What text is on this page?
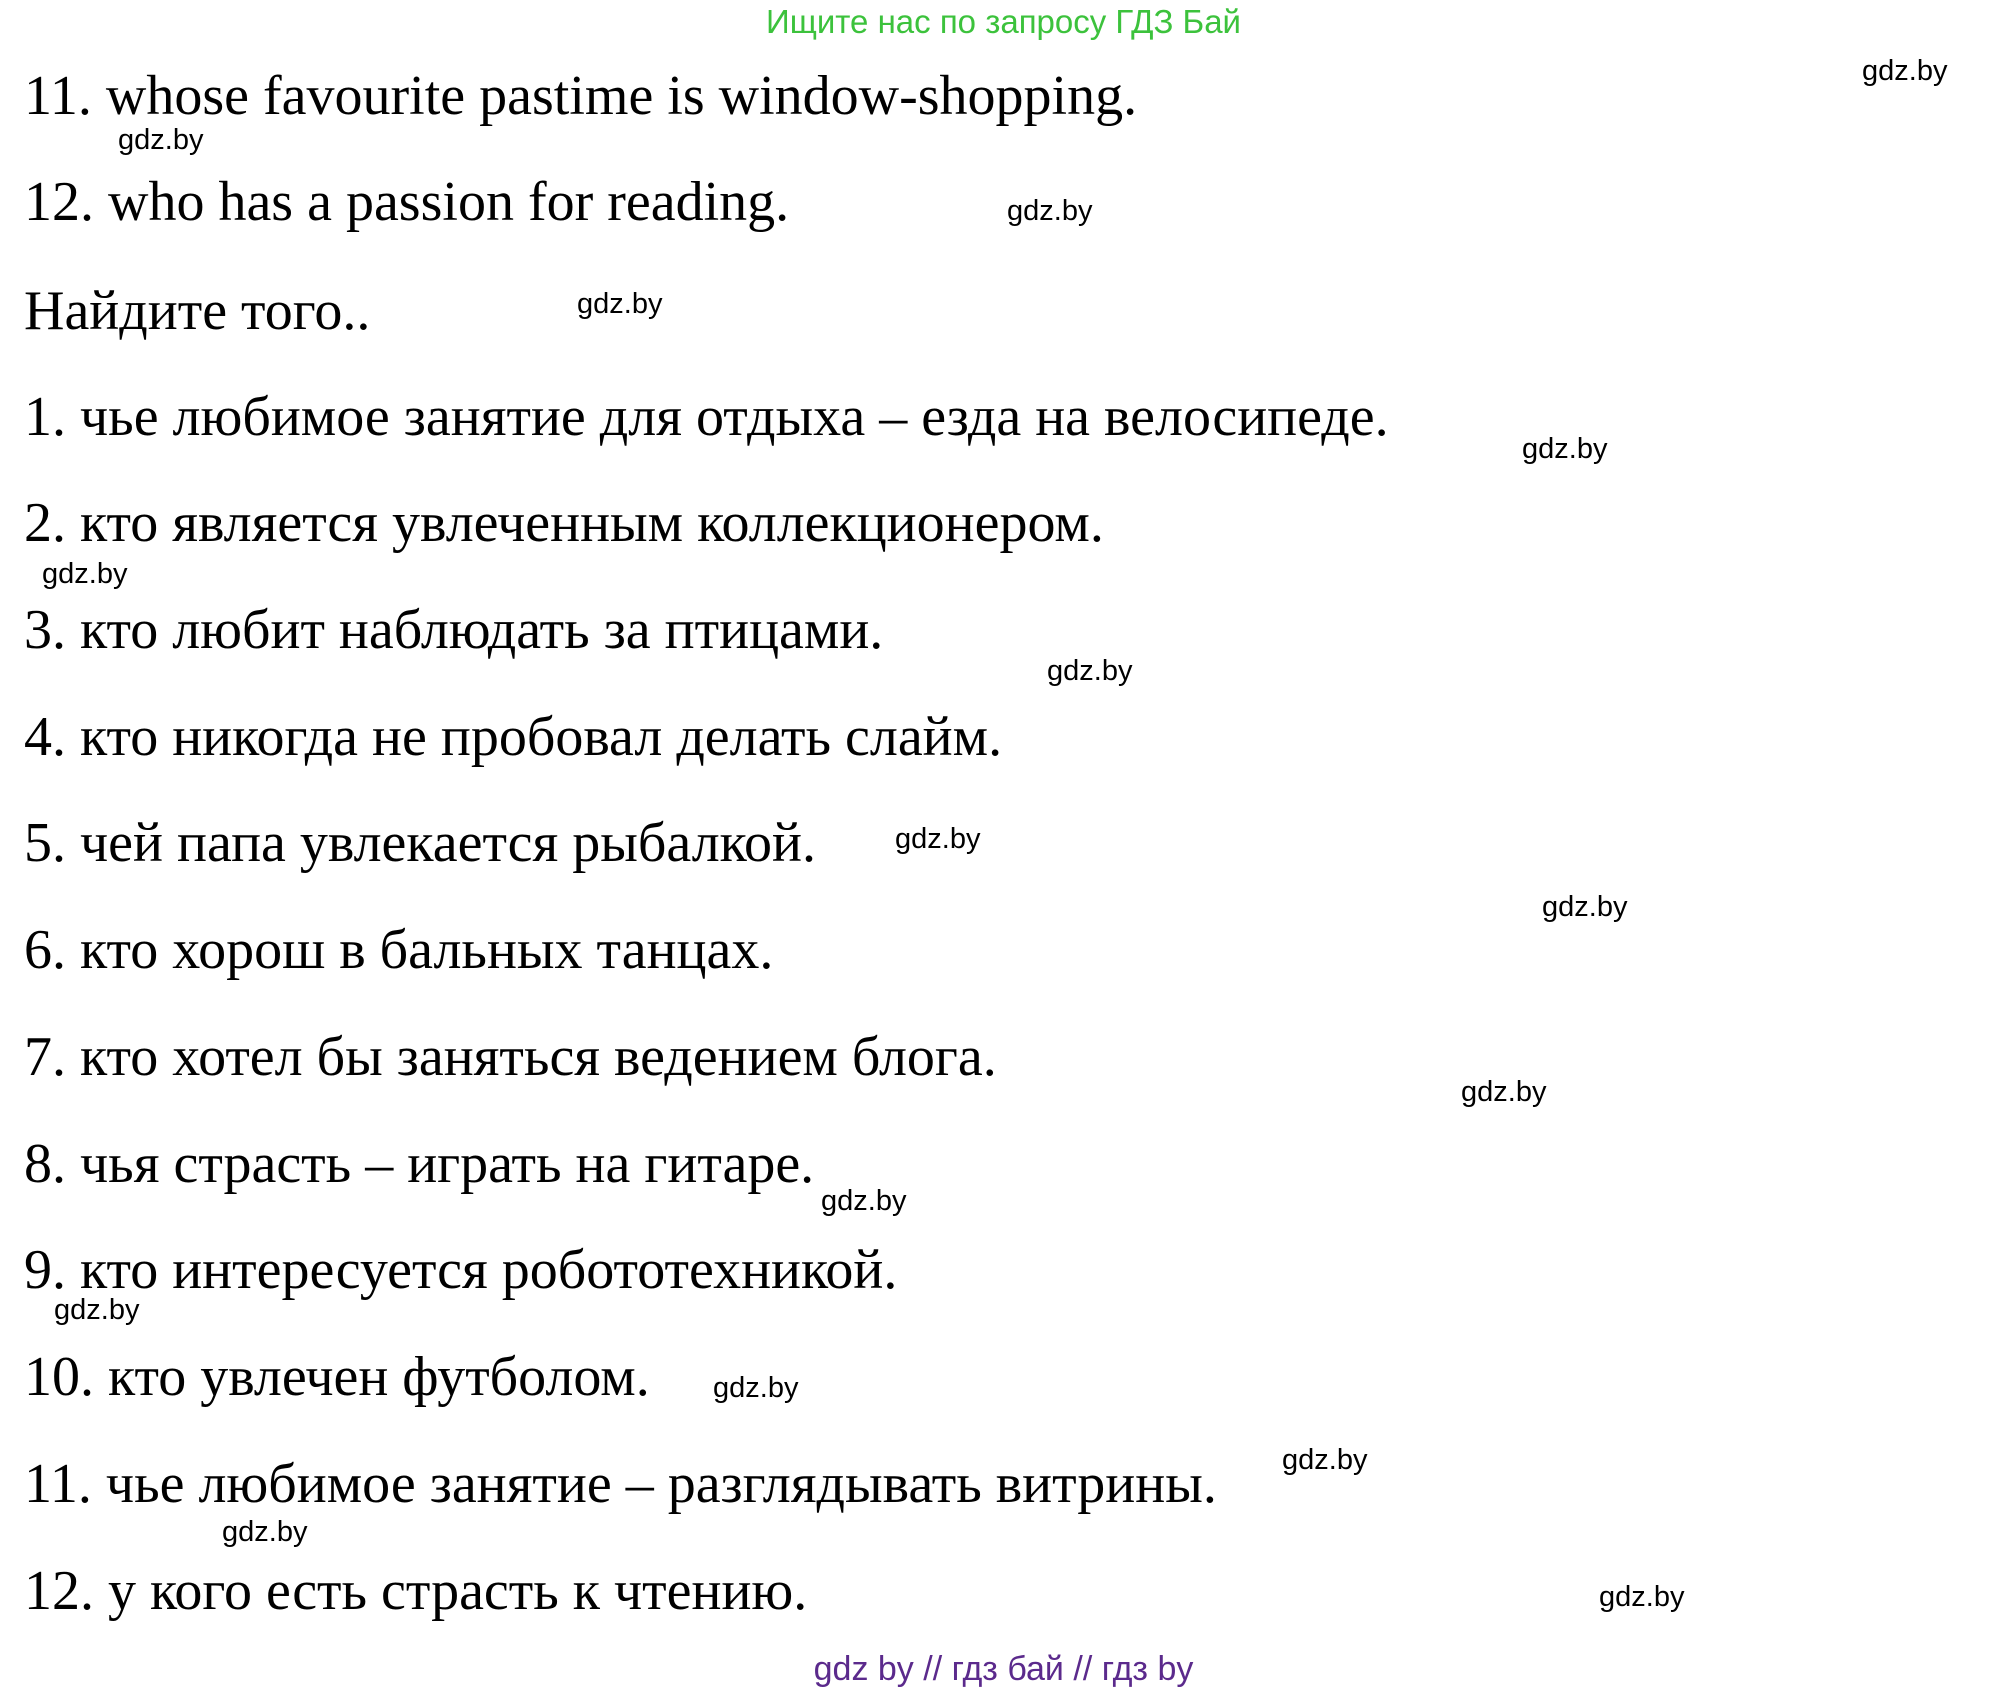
Ищите нас по запросу ГДЗ Бай
11. whose favourite pastime is window-shopping.
12. who has a passion for reading.
Найдите того..
1. чье любимое занятие для отдыха – езда на велосипеде.
2. кто является увлеченным коллекционером.
3. кто любит наблюдать за птицами.
4. кто никогда не пробовал делать слайм.
5. чей папа увлекается рыбалкой.
6. кто хорош в бальных танцах.
7. кто хотел бы заняться ведением блога.
8. чья страсть – играть на гитаре.
9. кто интересуется робототехникой.
10. кто увлечен футболом.
11. чье любимое занятие – разглядывать витрины.
12. у кого есть страсть к чтению.
gdz.by
gdz.by
gdz.by
gdz.by
gdz.by
gdz.by
gdz.by
gdz.by
gdz.by
gdz.by
gdz.by
gdz.by
gdz.by
gdz.by
gdz.by
gdz.by
gdz by // гдз бай // гдз by
